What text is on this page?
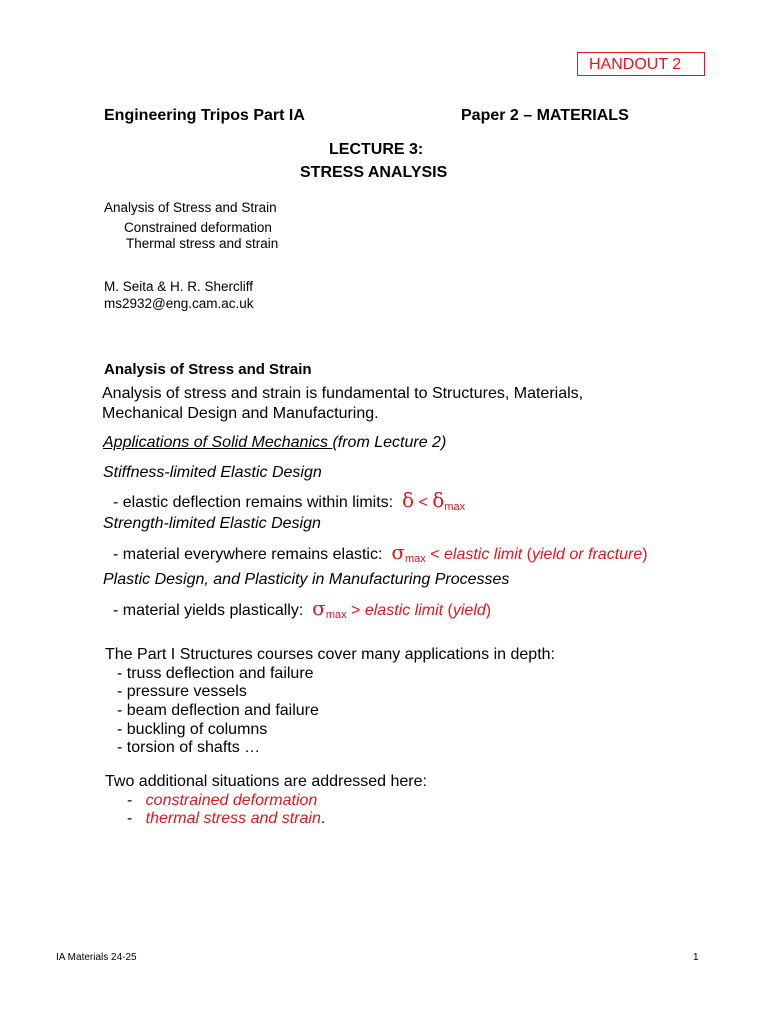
HANDOUT 2
Engineering Tripos Part IA	Paper 2 – MATERIALS
LECTURE 3:
STRESS ANALYSIS
Analysis of Stress and Strain
Constrained deformation
Thermal stress and strain
M. Seita & H. R. Shercliff
ms2932@eng.cam.ac.uk
Analysis of Stress and Strain
Analysis of stress and strain is fundamental to Structures, Materials,
Mechanical Design and Manufacturing.
Applications of Solid Mechanics (from Lecture 2)
Stiffness-limited Elastic Design
- elastic deflection remains within limits: $\delta < \delta_{max}$
Strength-limited Elastic Design
- material everywhere remains elastic: $\sigma_{max}$ < elastic limit (yield or fracture)
Plastic Design, and Plasticity in Manufacturing Processes
- material yields plastically: $\sigma_{max}$ > elastic limit (yield)
The Part I Structures courses cover many applications in depth:
- truss deflection and failure
- pressure vessels
- beam deflection and failure
- buckling of columns
- torsion of shafts …
Two additional situations are addressed here:
-   constrained deformation
-   thermal stress and strain.
IA Materials 24-25	1
